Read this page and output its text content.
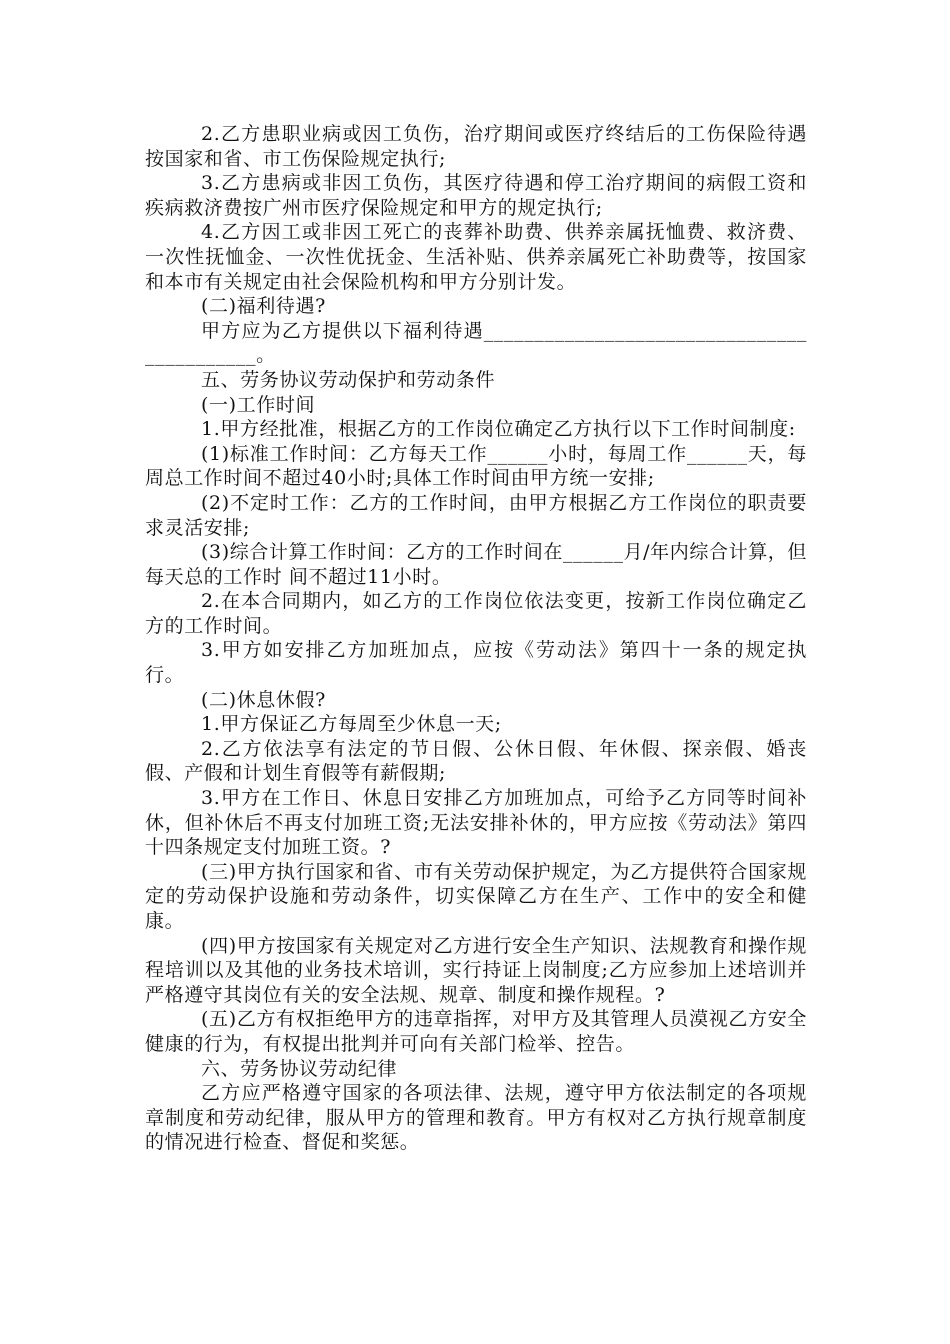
2.乙方患职业病或因工负伤，治疗期间或医疗终结后的工伤保险待遇按国家和省、市工伤保险规定执行;

3.乙方患病或非因工负伤，其医疗待遇和停工治疗期间的病假工资和疾病救济费按广州市医疗保险规定和甲方的规定执行;

4.乙方因工或非因工死亡的丧葬补助费、供养亲属抚恤费、救济费、一次性抚恤金、一次性优抚金、生活补贴、供养亲属死亡补助费等，按国家和本市有关规定由社会保险机构和甲方分别计发。

(二)福利待遇?

甲方应为乙方提供以下福利待遇___________________________________________。

五、劳务协议劳动保护和劳动条件

(一)工作时间

1.甲方经批准，根据乙方的工作岗位确定乙方执行以下工作时间制度:

(1)标准工作时间：乙方每天工作______小时，每周工作______天，每周总工作时间不超过40小时;具体工作时间由甲方统一安排;

(2)不定时工作：乙方的工作时间，由甲方根据乙方工作岗位的职责要求灵活安排;

(3)综合计算工作时间：乙方的工作时间在______月/年内综合计算，但每天总的工作时 间不超过11小时。

2.在本合同期内，如乙方的工作岗位依法变更，按新工作岗位确定乙方的工作时间。

3.甲方如安排乙方加班加点，应按《劳动法》第四十一条的规定执行。

(二)休息休假?

1.甲方保证乙方每周至少休息一天;

2.乙方依法享有法定的节日假、公休日假、年休假、探亲假、婚丧假、产假和计划生育假等有薪假期;

3.甲方在工作日、休息日安排乙方加班加点，可给予乙方同等时间补休，但补休后不再支付加班工资;无法安排补休的，甲方应按《劳动法》第四十四条规定支付加班工资。?

(三)甲方执行国家和省、市有关劳动保护规定，为乙方提供符合国家规定的劳动保护设施和劳动条件，切实保障乙方在生产、工作中的安全和健康。

(四)甲方按国家有关规定对乙方进行安全生产知识、法规教育和操作规程培训以及其他的业务技术培训，实行持证上岗制度;乙方应参加上述培训并严格遵守其岗位有关的安全法规、规章、制度和操作规程。?

(五)乙方有权拒绝甲方的违章指挥，对甲方及其管理人员漠视乙方安全健康的行为，有权提出批判并可向有关部门检举、控告。

六、劳务协议劳动纪律

乙方应严格遵守国家的各项法律、法规，遵守甲方依法制定的各项规章制度和劳动纪律，服从甲方的管理和教育。甲方有权对乙方执行规章制度的情况进行检查、督促和奖惩。
